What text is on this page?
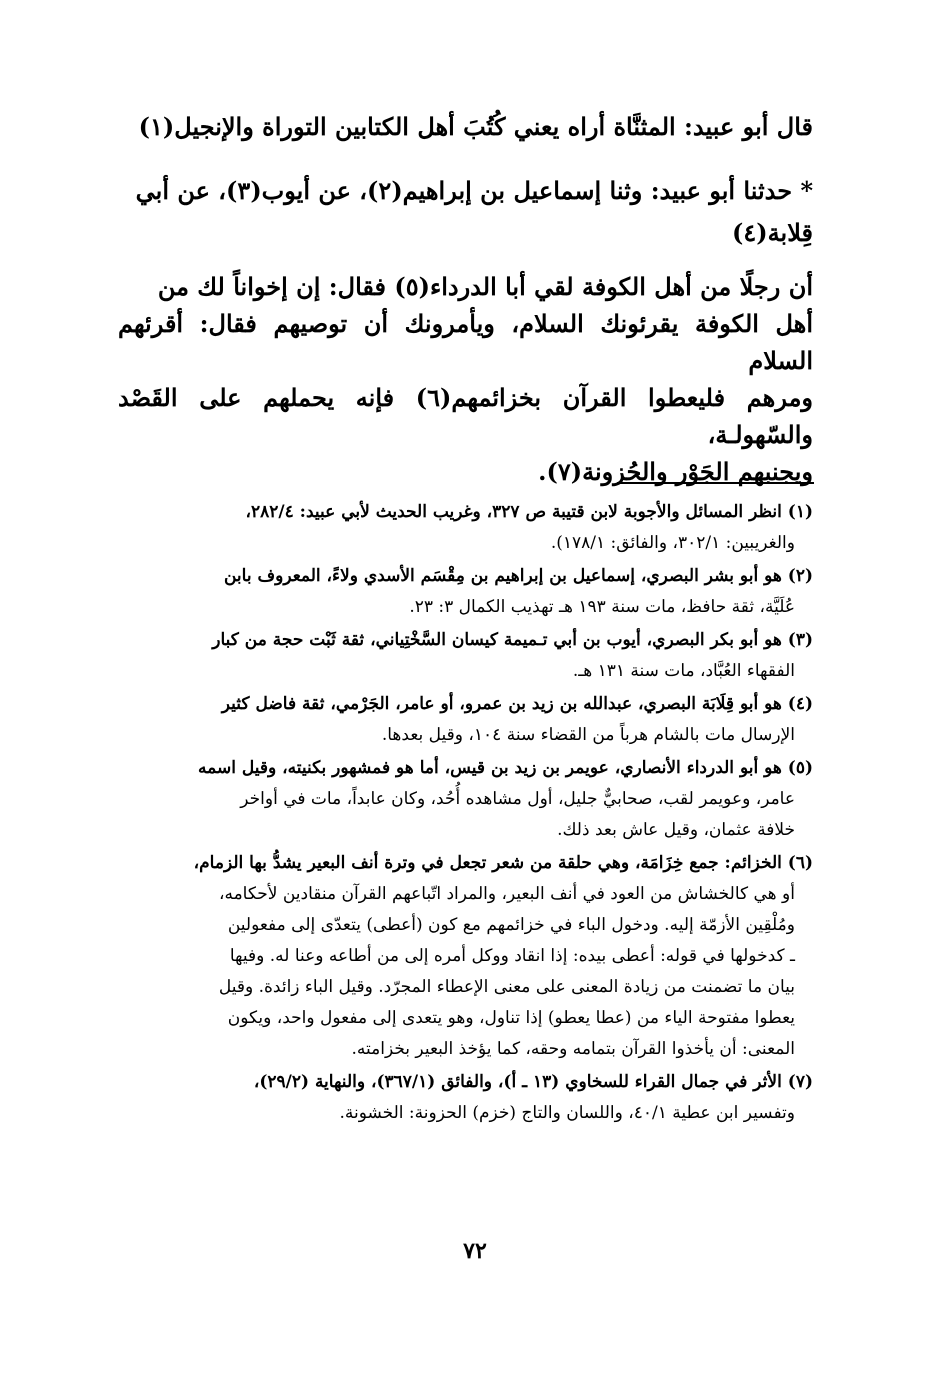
قال أبو عبيد: المثنَّاة أراه يعني كُتُبَ أهل الكتابين التوراة والإنجيل(١)
* حدثنا أبو عبيد: وثنا إسماعيل بن إبراهيم(٢)، عن أيوب(٣)، عن أبي
قِلابة(٤)
أن رجلًا من أهل الكوفة لقي أبا الدرداء(٥) فقال: إن إخواناً لك من
أهل الكوفة يقرئونك السلام، ويأمرونك أن توصيهم فقال: أقرئهم السلام
ومرهم فليعطوا القرآن بخزائمهم(٦) فإنه يحملهم على القَصْد والسّهولـة،
ويجنبهم الجَوْر والحُزونة(٧).
(١) انظر المسائل والأجوبة لابن قتيبة ص ٣٢٧، وغريب الحديث لأبي عبيد: ٢٨٢/٤،
والغريبين: ٣٠٢/١، والفائق: ١٧٨/١).
(٢) هو أبو بشر البصري، إسماعيل بن إبراهيم بن مِقْسَم الأسدي ولاءً، المعروف بابن
عُلَيَّة، ثقة حافظ، مات سنة ١٩٣ هـ تهذيب الكمال ٣: ٢٣.
(٣) هو أبو بكر البصري، أيوب بن أبي تـميمة كيسان السَّخْتِياني، ثقة ثَبْت حجة من كبار
الفقهاء العُبَّاد، مات سنة ١٣١ هـ.
(٤) هو أبو قِلَابَة البصري، عبدالله بن زيد بن عمرو، أو عامر، الجَرْمي، ثقة فاضل كثير
الإرسال مات بالشام هرباً من القضاء سنة ١٠٤، وقيل بعدها.
(٥) هو أبو الدرداء الأنصاري، عويمر بن زيد بن قيس، أما هو فمشهور بكنيته، وقيل اسمه
عامر، وعويمر لقب، صحابيٌّ جليل، أول مشاهده أُحُد، وكان عابداً، مات في أواخر
خلافة عثمان، وقيل عاش بعد ذلك.
(٦) الخزائم: جمع خِزَامَة، وهي حلقة من شعر تجعل في وترة أنف البعير يشدُّ بها الزمام،
أو هي كالخشاش من العود في أنف البعير، والمراد اتّباعهم القرآن منقادين لأحكامه،
ومُلْقِين الأزمّة إليه. ودخول الباء في خزائمهم مع كون (أعطى) يتعدّى إلى مفعولين
ـ كدخولها في قوله: أعطى بيده: إذا انقاد ووكل أمره إلى من أطاعه وعنا له. وفيها
بيان ما تضمنت من زيادة المعنى على معنى الإعطاء المجرّد. وقيل الباء زائدة. وقيل
يعطوا مفتوحة الياء من (عطا يعطو) إذا تناول، وهو يتعدى إلى مفعول واحد، ويكون
المعنى: أن يأخذوا القرآن بتمامه وحقه، كما يؤخذ البعير بخزامته.
(٧) الأثر في جمال القراء للسخاوي (١٣ ـ أ)، والفائق (٣٦٧/١)، والنهاية (٢٩/٢)،
وتفسير ابن عطية ٤٠/١، واللسان والتاج (خزم) الحزونة: الخشونة.
٧٢
